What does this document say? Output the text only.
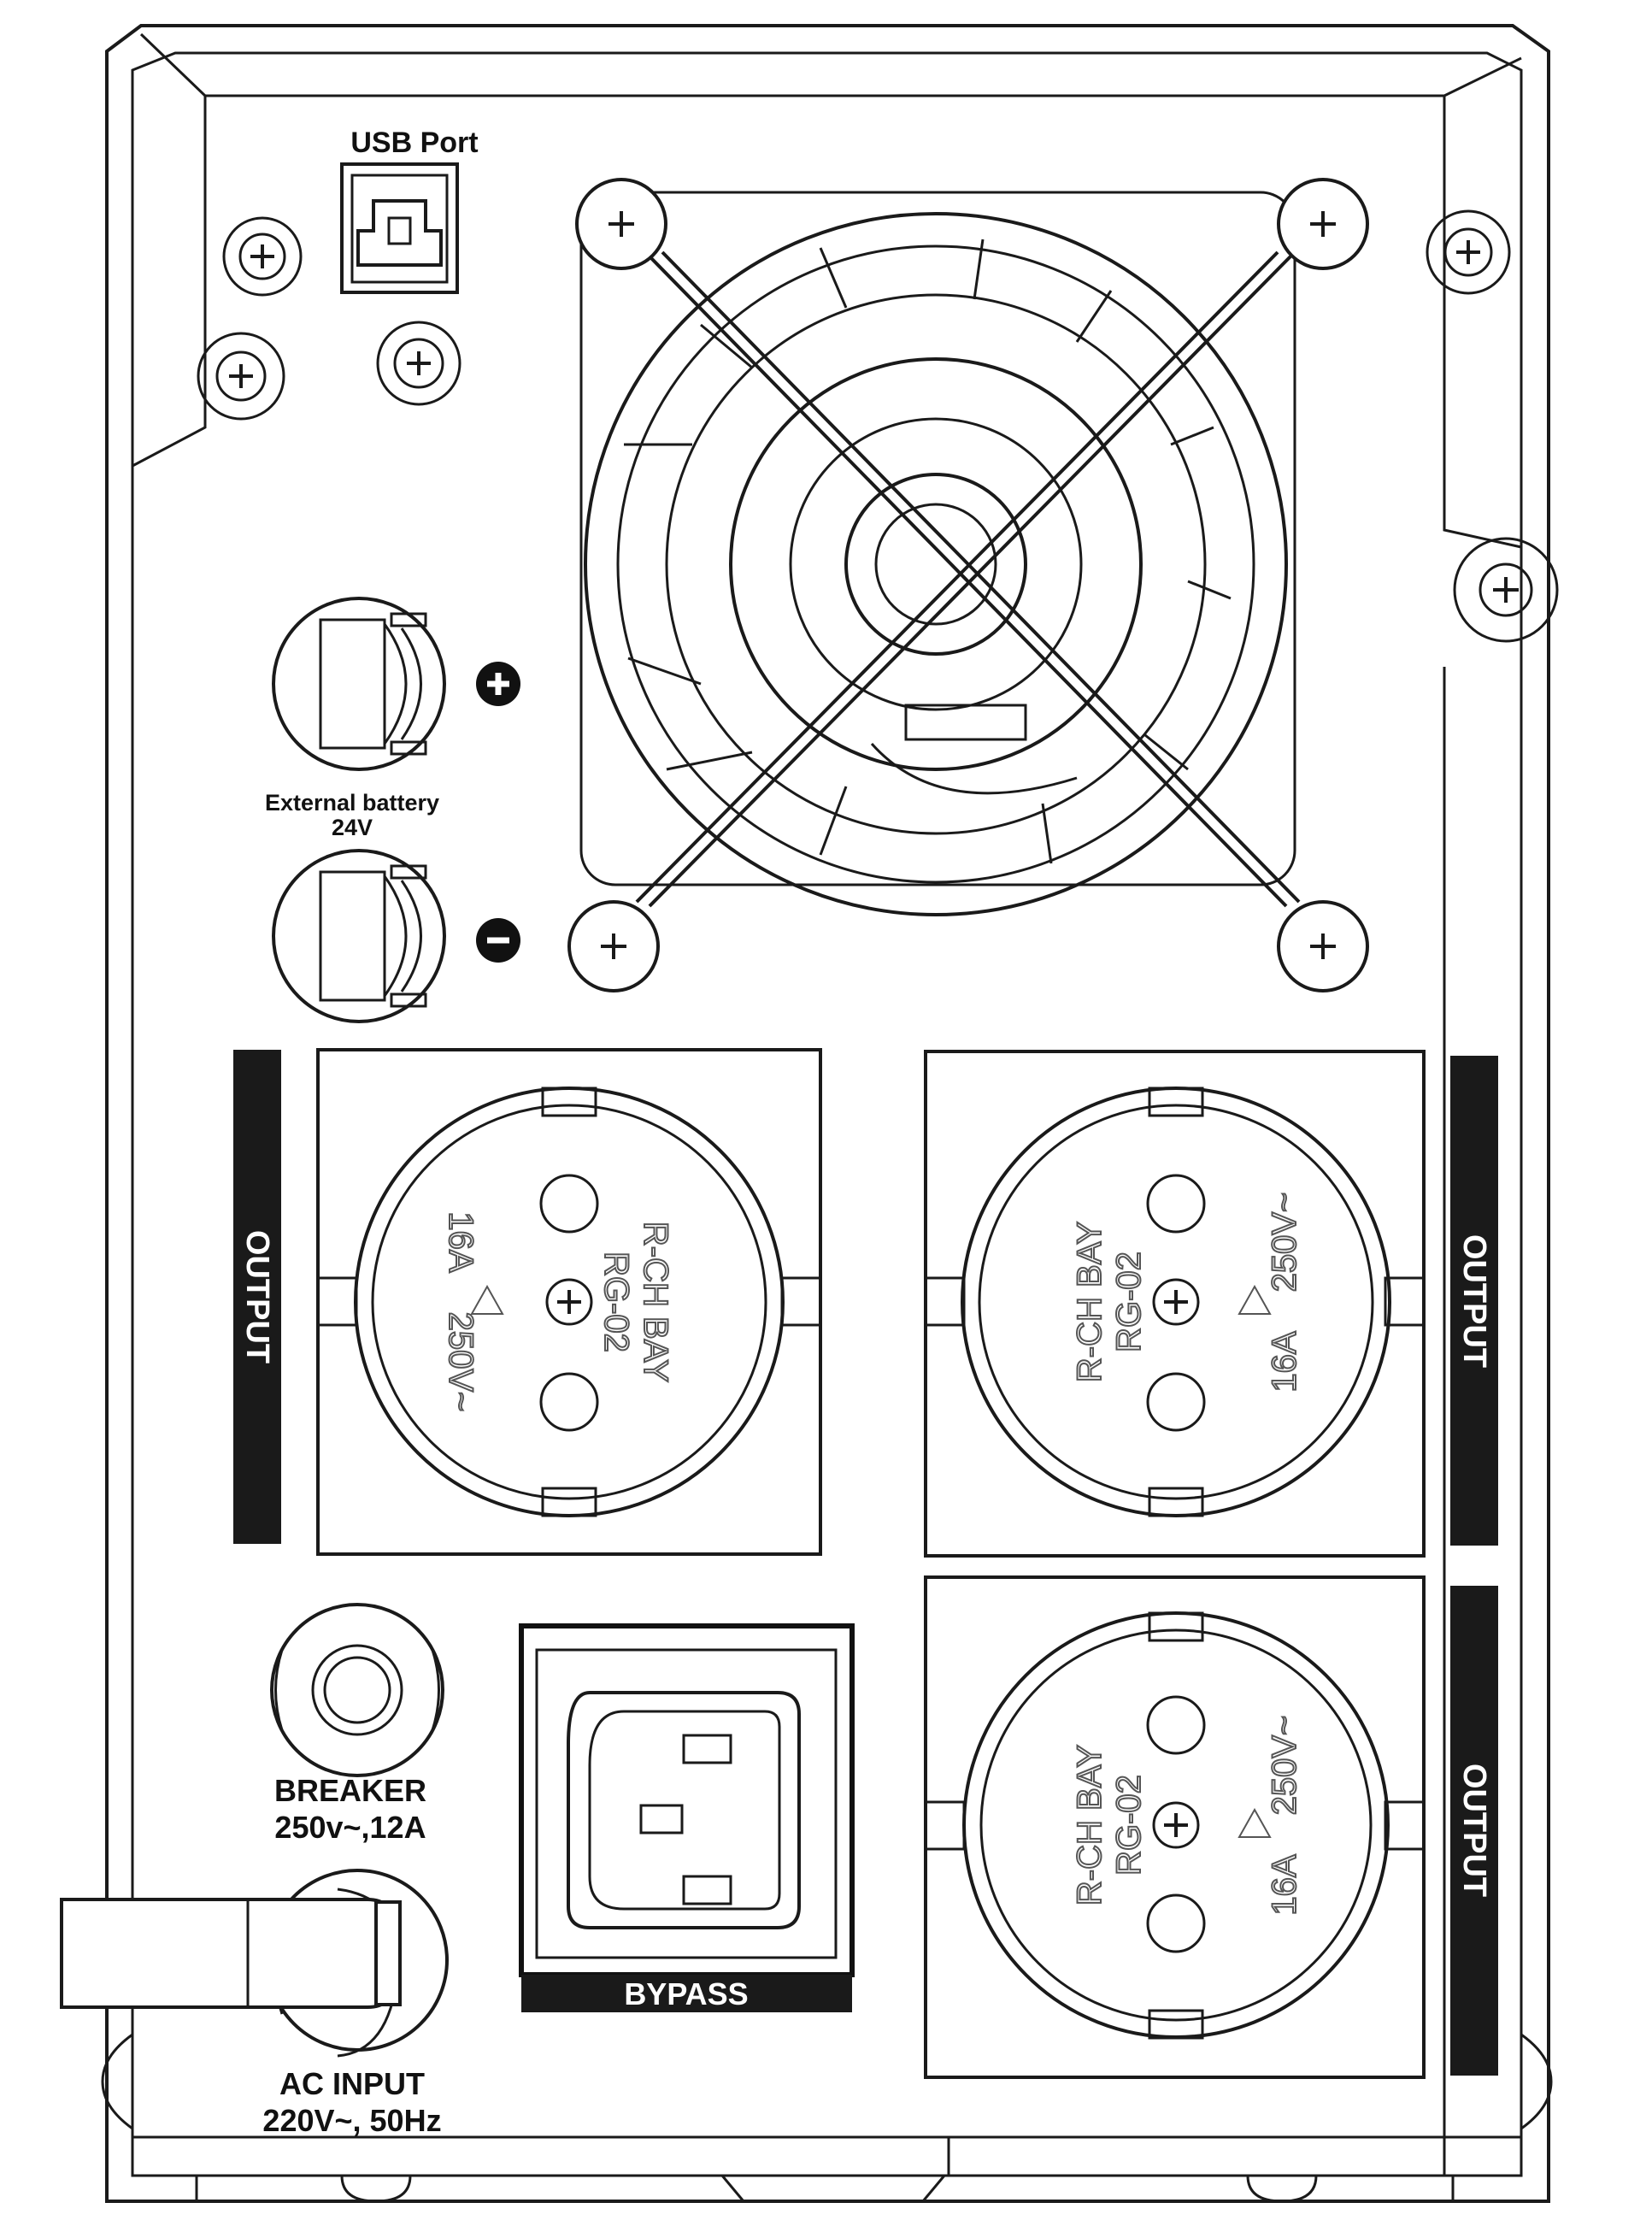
USB Port
External battery
24V
R-CH BAY
RG-02
16A
250V~
OUTPUT	R-CH BAY RG-02
16A
250V~	OUTPUT
R-CH BAY RG-02
16A
250V~	OUTPUT
BREAKER
250v~,12A
AC INPUT
220V~, 50Hz
BYPASS
